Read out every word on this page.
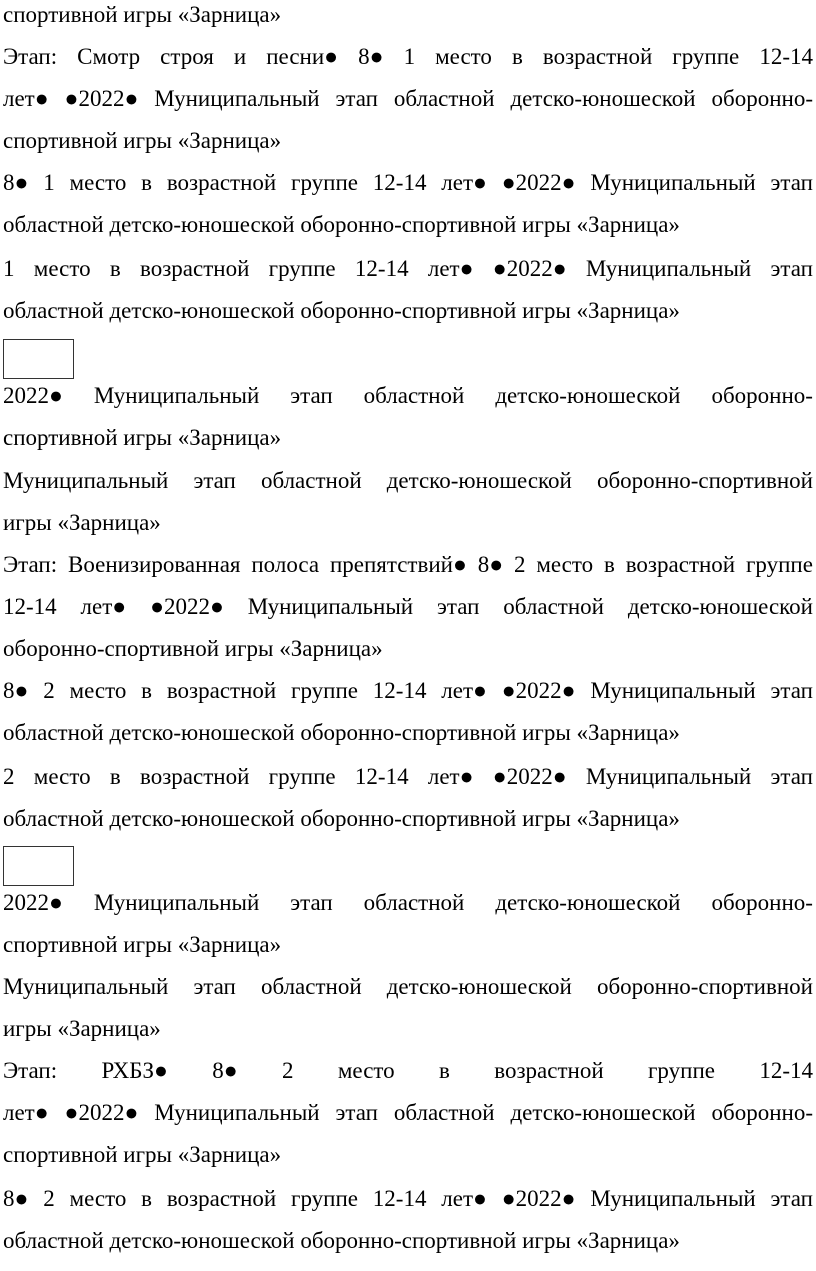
спортивной игры «Зарница»
Этап: Смотр строя и песни● 8● 1 место в возрастной группе 12-14
лет● ●2022● Муниципальный этап областной детско-юношеской оборонно-
спортивной игры «Зарница»
8● 1 место в возрастной группе 12-14 лет● ●2022● Муниципальный этап
областной детско-юношеской оборонно-спортивной игры «Зарница»
1 место в возрастной группе 12-14 лет● ●2022● Муниципальный этап
областной детско-юношеской оборонно-спортивной игры «Зарница»
2022● Муниципальный этап областной детско-юношеской оборонно-
спортивной игры «Зарница»
Муниципальный этап областной детско-юношеской оборонно-спортивной
игры «Зарница»
Этап: Военизированная полоса препятствий● 8● 2 место в возрастной группе
12-14 лет● ●2022● Муниципальный этап областной детско-юношеской
оборонно-спортивной игры «Зарница»
8● 2 место в возрастной группе 12-14 лет● ●2022● Муниципальный этап
областной детско-юношеской оборонно-спортивной игры «Зарница»
2 место в возрастной группе 12-14 лет● ●2022● Муниципальный этап
областной детско-юношеской оборонно-спортивной игры «Зарница»
2022● Муниципальный этап областной детско-юношеской оборонно-
спортивной игры «Зарница»
Муниципальный этап областной детско-юношеской оборонно-спортивной
игры «Зарница»
Этап: РХБЗ● 8● 2 место в возрастной группе 12-14
лет● ●2022● Муниципальный этап областной детско-юношеской оборонно-
спортивной игры «Зарница»
8● 2 место в возрастной группе 12-14 лет● ●2022● Муниципальный этап
областной детско-юношеской оборонно-спортивной игры «Зарница»
